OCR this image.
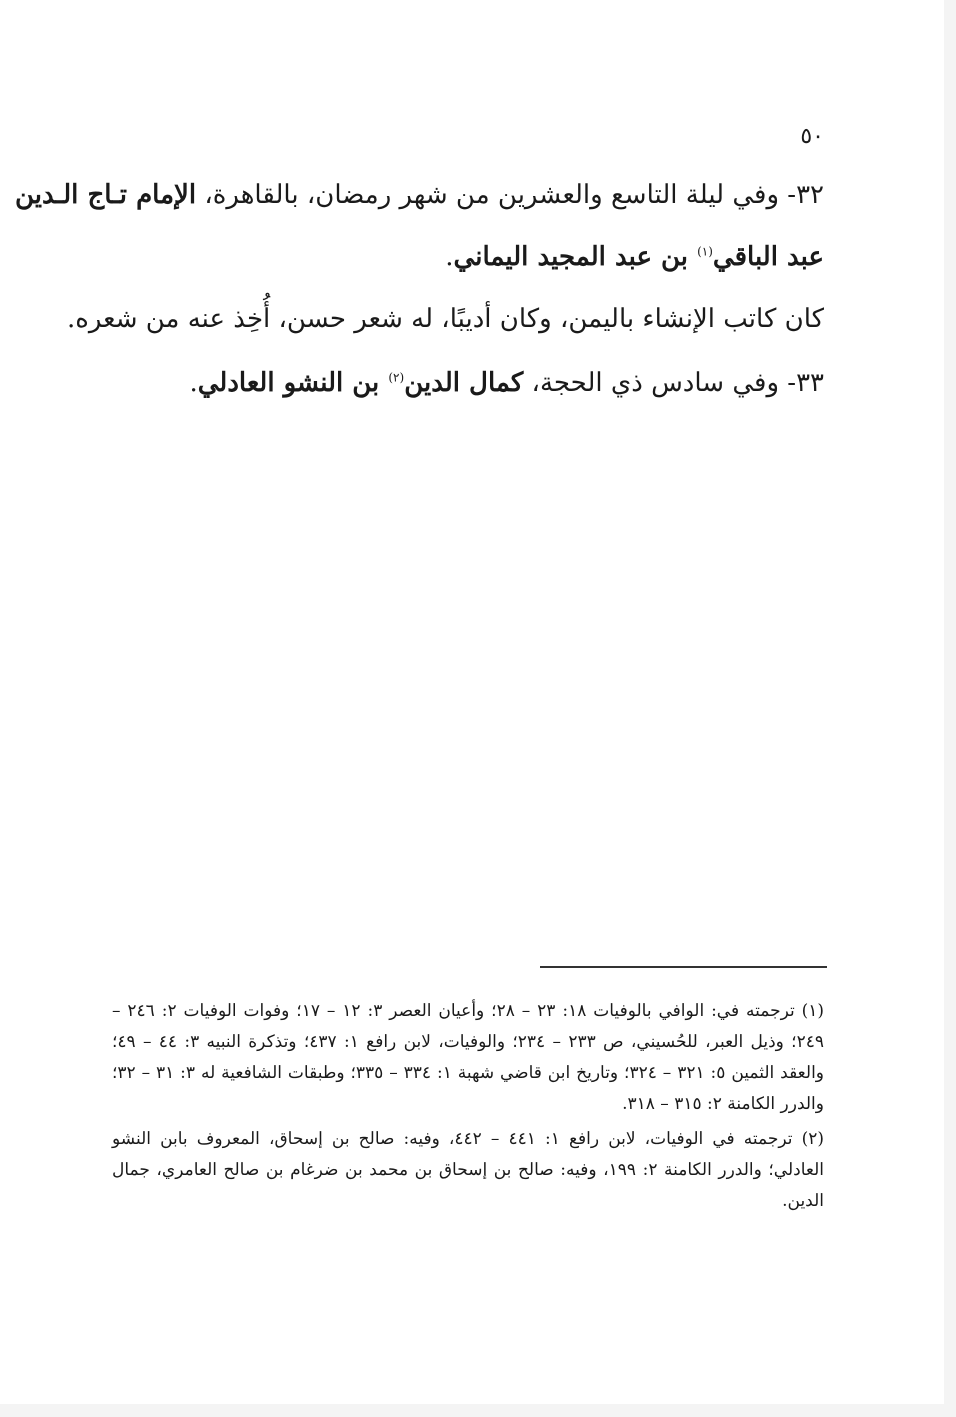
٥٠
٣٢- وفي ليلة التاسع والعشرين من شهر رمضان، بالقاهرة، الإمام تـاج الـدين
عبد الباقي$^{(١)}$ بن عبد المجيد اليماني.
كان كاتب الإنشاء باليمن، وكان أديبًا، له شعر حسن، أُخِذ عنه من شعره.
٣٣- وفي سادس ذي الحجة، كمال الدين$^{(٢)}$ بن النشو العادلي.

(١) ترجمته في: الوافي بالوفيات ١٨: ٢٣ – ٢٨؛ وأعيان العصر ٣: ١٢ – ١٧؛ وفوات الوفيات ٢: ٢٤٦ – ٢٤٩؛ وذيل العبر، للحُسيني، ص ٢٣٣ – ٢٣٤؛ والوفيات، لابن رافع ١: ٤٣٧؛ وتذكرة النبيه ٣: ٤٤ – ٤٩؛ والعقد الثمين ٥: ٣٢١ – ٣٢٤؛ وتاريخ ابن قاضي شهبة ١: ٣٣٤ – ٣٣٥؛ وطبقات الشافعية له ٣: ٣١ – ٣٢؛ والدرر الكامنة ٢: ٣١٥ – ٣١٨.

(٢) ترجمته في الوفيات، لابن رافع ١: ٤٤١ – ٤٤٢، وفيه: صالح بن إسحاق، المعروف بابن النشو العادلي؛ والدرر الكامنة ٢: ١٩٩، وفيه: صالح بن إسحاق بن محمد بن ضرغام بن صالح العامري، جمال الدين.
